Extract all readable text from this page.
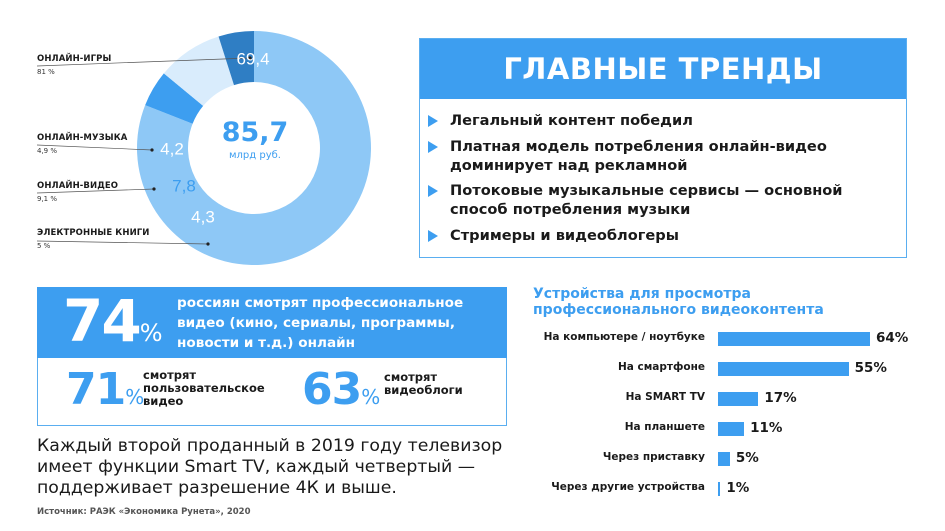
69,4
4,3
7,8
4,2
85,7
млрд руб.
ОНЛАЙН-ИГРЫ
81 %
ОНЛАЙН-МУЗЫКА
4,9 %
ОНЛАЙН-ВИДЕО
9,1 %
ЭЛЕКТРОННЫЕ КНИГИ
5 %
ГЛАВНЫЕ ТРЕНДЫ
Легальный контент победил
Платная модель потребления онлайн-видео доминирует над рекламной
Потоковые музыкальные сервисы — основной способ потребления музыки
Стримеры и видеоблогеры
74%
россиян смотрят профессиональное видео (кино, сериалы, программы, новости и т.д.) онлайн
71%
смотрят пользовательское видео	63%
смотрят видеоблоги
Устройства для просмотра профессионального видеоконтента
На компьютере / ноутбуке	64%
На смартфоне	55%
На SMART TV	17%
На планшете	11%
Через приставку 5%
Через другие устройства 1%
Каждый второй проданный в 2019 году телевизор имеет функции Smart TV, каждый четвертый — поддерживает разрешение 4К и выше.
Источник: РАЭК «Экономика Рунета», 2020
